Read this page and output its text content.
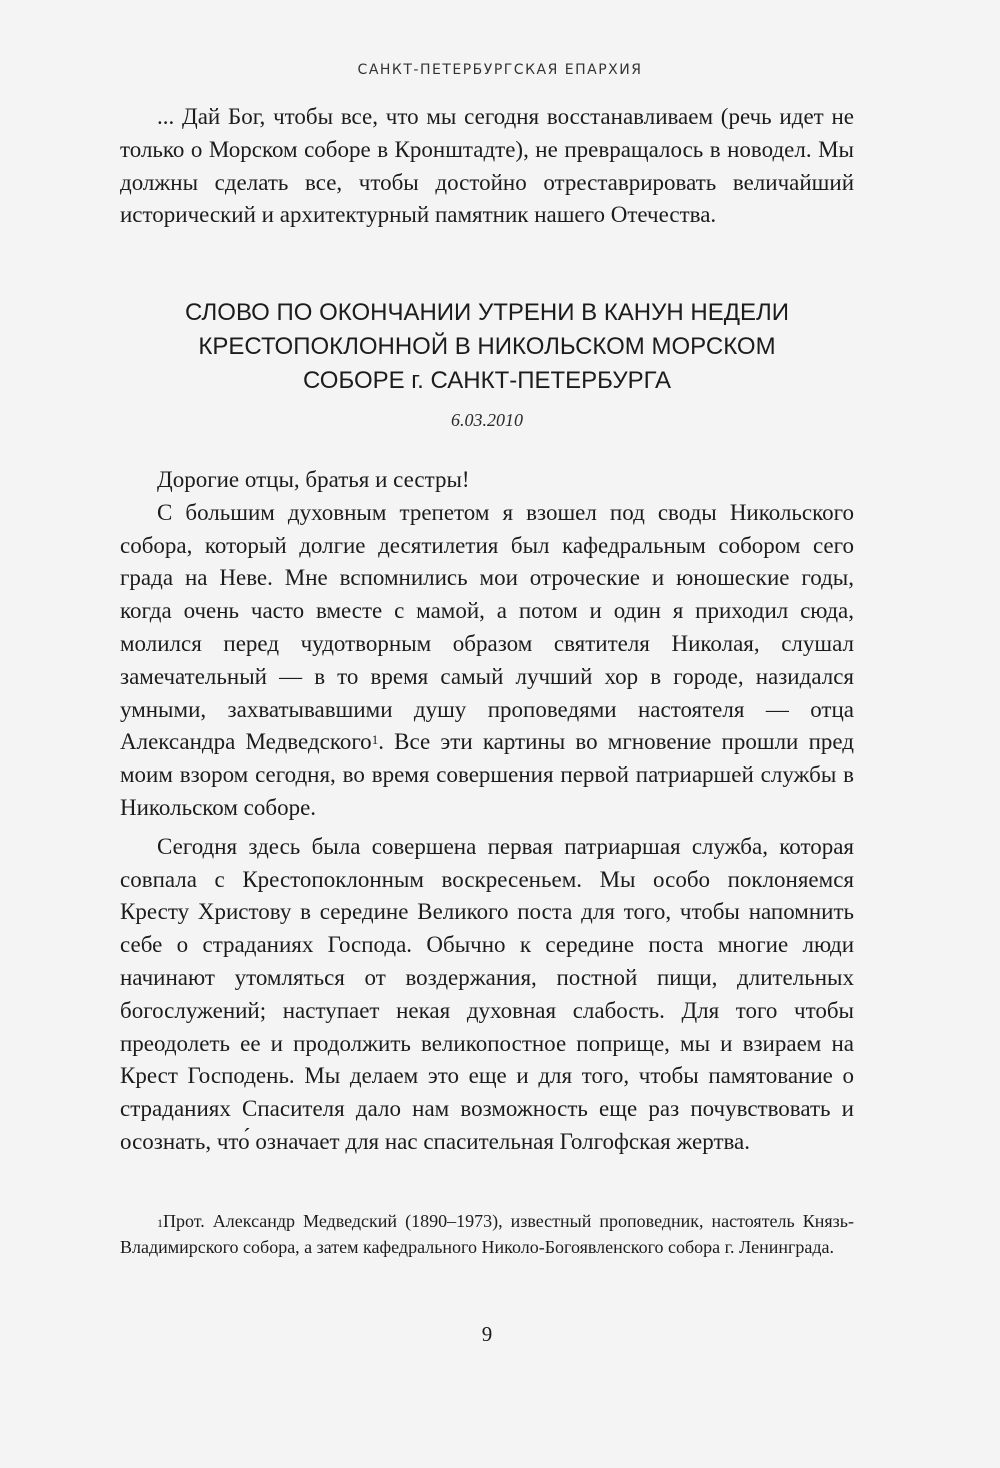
САНКТ-ПЕТЕРБУРГСКАЯ ЕПАРХИЯ

... Дай Бог, чтобы все, что мы сегодня восстанавливаем (речь идет не только о Морском соборе в Кронштадте), не превращалось в новодел. Мы должны сделать все, чтобы достойно отреставрировать величайший исторический и архитектурный памятник нашего Отечества.

СЛОВО ПО ОКОНЧАНИИ УТРЕНИ В КАНУН НЕДЕЛИ
КРЕСТОПОКЛОННОЙ В НИКОЛЬСКОМ МОРСКОМ
СОБОРЕ г. САНКТ-ПЕТЕРБУРГА
6.03.2010

Дорогие отцы, братья и сестры!

С большим духовным трепетом я взошел под своды Никольского собора, который долгие десятилетия был кафедральным собором сего града на Неве. Мне вспомнились мои отроческие и юношеские годы, когда очень часто вместе с мамой, а потом и один я приходил сюда, молился перед чудотворным образом святителя Николая, слушал замечательный — в то время самый лучший хор в городе, назидался умными, захватывавшими душу проповедями настоятеля — отца Александра Медведского$^1$. Все эти картины во мгновение прошли пред моим взором сегодня, во время совершения первой патриаршей службы в Никольском соборе.

Сегодня здесь была совершена первая патриаршая служба, которая совпала с Крестопоклонным воскресеньем. Мы особо поклоняемся Кресту Христову в середине Великого поста для того, чтобы напомнить себе о страданиях Господа. Обычно к середине поста многие люди начинают утомляться от воздержания, постной пищи, длительных богослужений; наступает некая духовная слабость. Для того чтобы преодолеть ее и продолжить великопостное поприще, мы и взираем на Крест Господень. Мы делаем это еще и для того, чтобы памятование о страданиях Спасителя дало нам возможность еще раз почувствовать и осознать, что́ означает для нас спасительная Голгофская жертва.

$^1$Прот. Александр Медведский (1890–1973), известный проповедник, настоятель Князь-Владимирского собора, а затем кафедрального Николо-Богоявленского собора г. Ленинграда.
9
